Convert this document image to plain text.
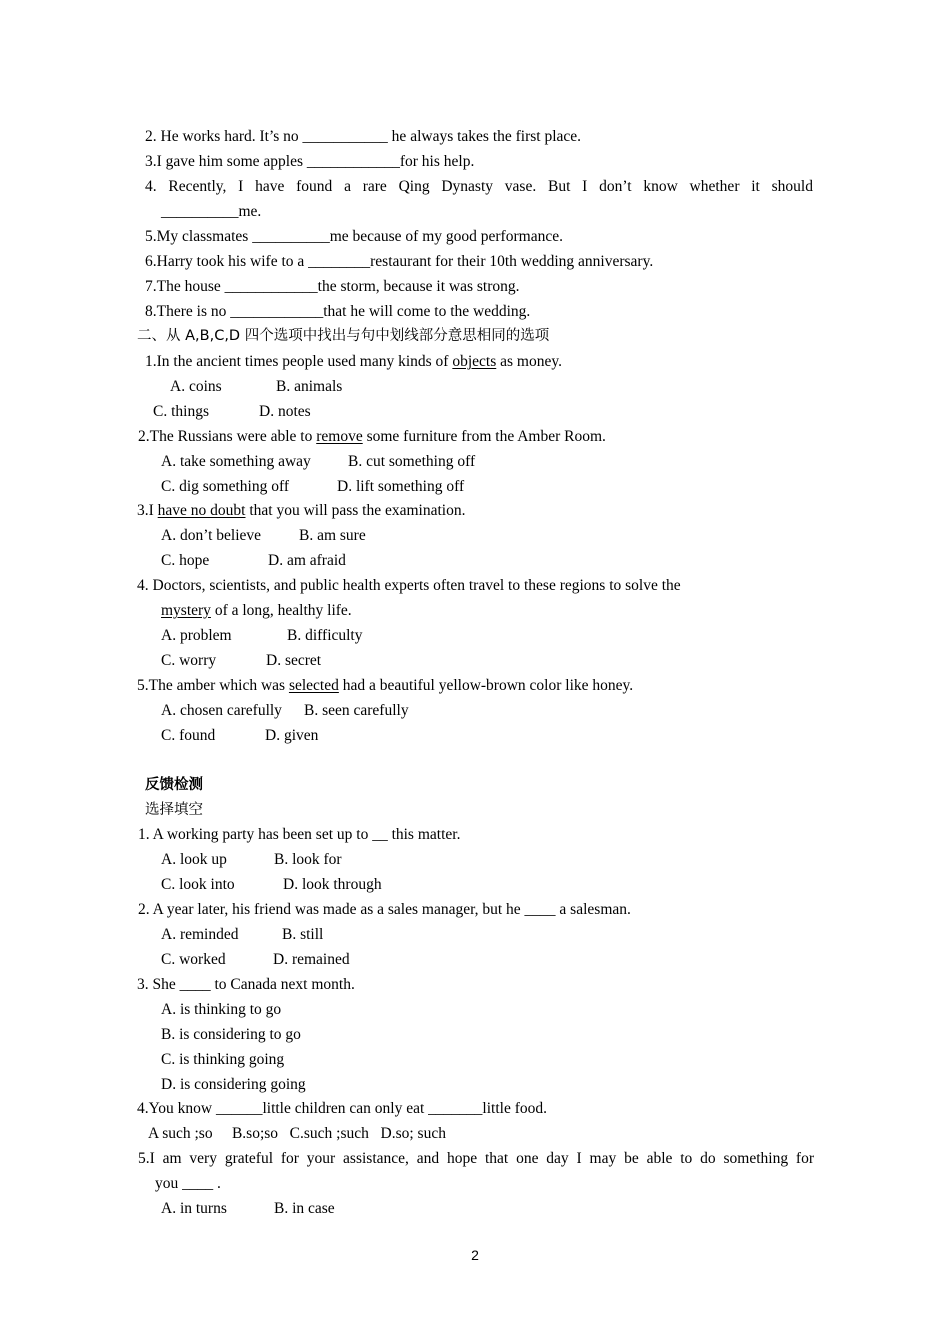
2. He works hard. It’s no ___________ he always takes the first place.
3.I gave him some apples ____________for his help.
4. Recently, I have found a rare Qing Dynasty vase. But I don’t know whether it should
__________me.
5.My classmates __________me because of my good performance.
6.Harry took his wife to a ________restaurant for their 10th wedding anniversary.
7.The house ____________the storm, because it was strong.
8.There is no ____________that he will come to the wedding.
二、从 A,B,C,D 四个选项中找出与句中划线部分意思相同的选项
1.In the ancient times people used many kinds of objects as money.
A. coins	B. animals
C. things	D. notes
2.The Russians were able to remove some furniture from the Amber Room.
A. take something away B. cut something off
C. dig something off	D. lift something off
3.I have no doubt that you will pass the examination.
A. don’t believe B. am sure
C. hope	D. am afraid
4. Doctors, scientists, and public health experts often travel to these regions to solve the
mystery of a long, healthy life.
A. problem	B. difficulty
C. worry	D. secret
5.The amber which was selected had a beautiful yellow-brown color like honey.
A. chosen carefully B. seen carefully
C. found	D. given
反馈检测
选择填空
1. A working party has been set up to __ this matter.
A. look up	B. look for
C. look into	D. look through
2. A year later, his friend was made as a sales manager, but he ____ a salesman.
A. reminded	B. still
C. worked	D. remained
3. She ____ to Canada next month.
A. is thinking to go
B. is considering to go
C. is thinking going
D. is considering going
4.You know ______little children can only eat _______little food.
A such ;so     B.so;so   C.such ;such   D.so; such
5.I am very grateful for your assistance, and hope that one day I may be able to do something for
you ____ .
A. in turns	B. in case
2
